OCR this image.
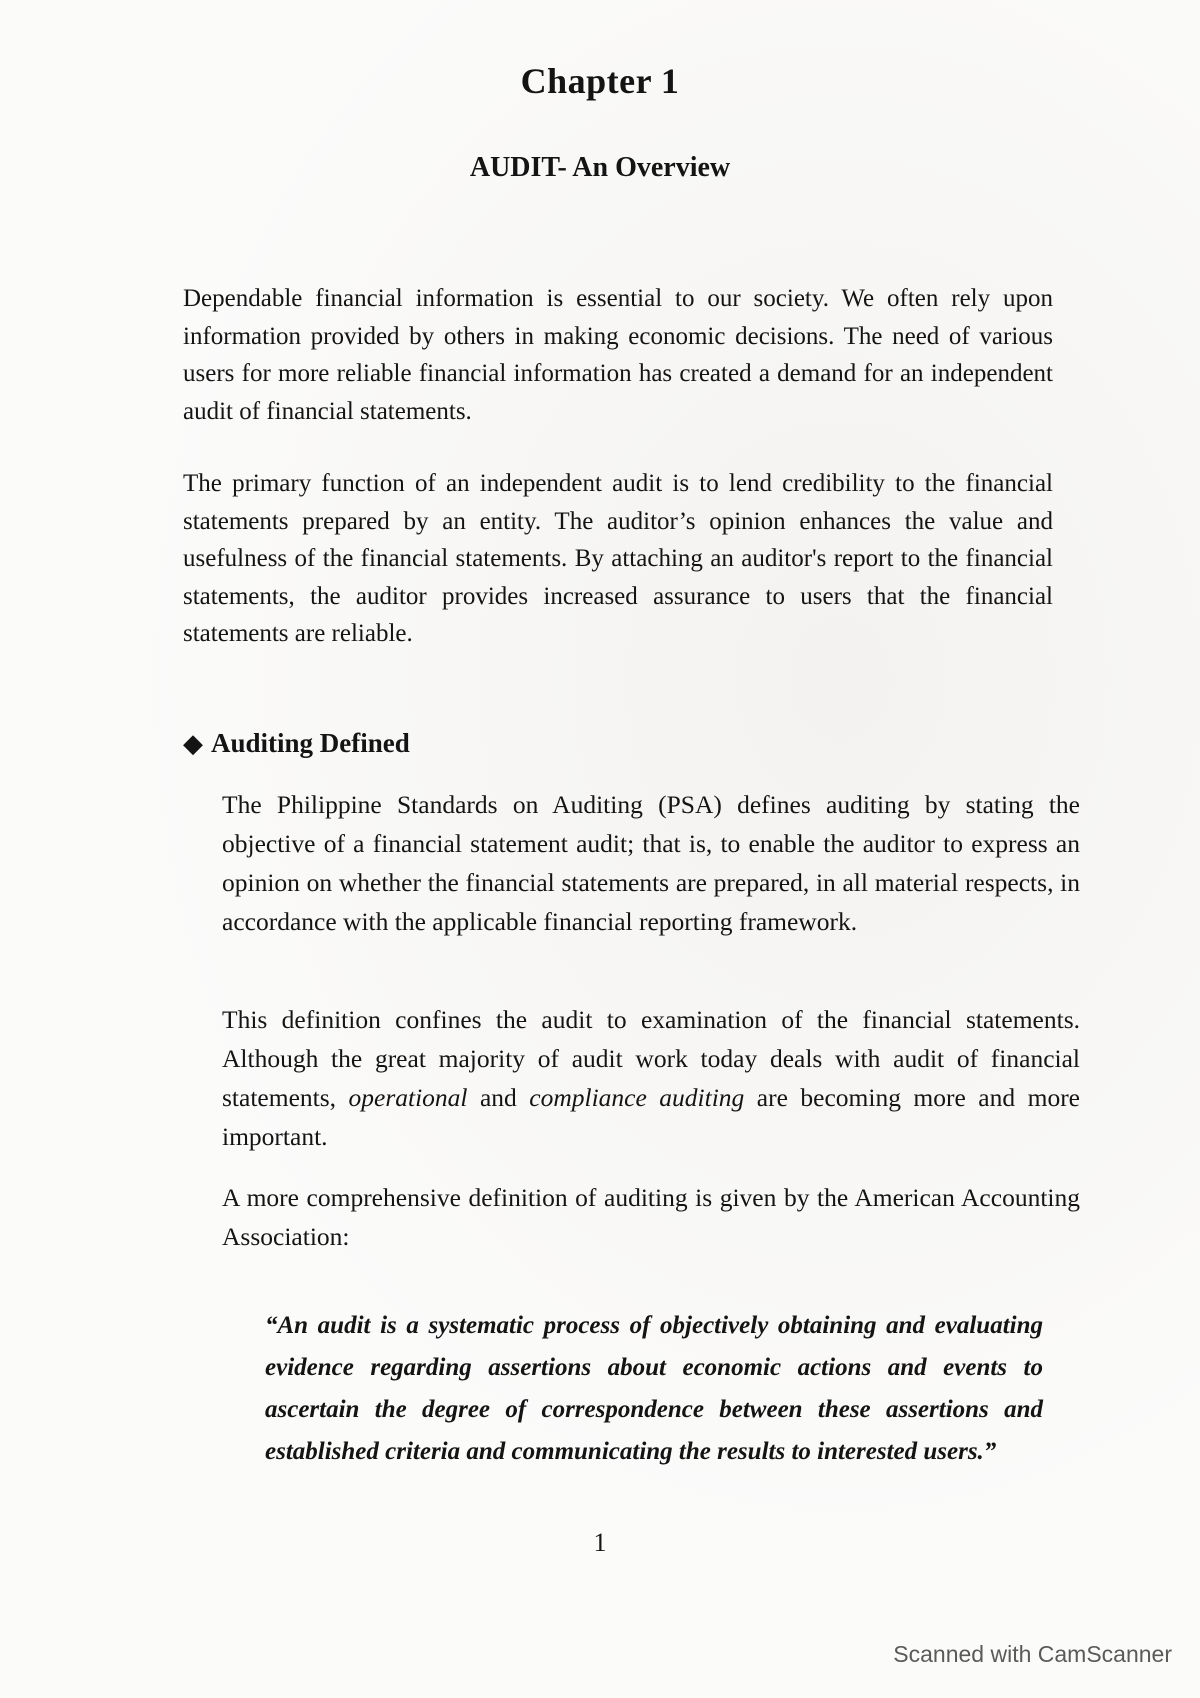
Chapter 1
AUDIT- An Overview

Dependable financial information is essential to our society. We often rely upon information provided by others in making economic decisions. The need of various users for more reliable financial information has created a demand for an independent audit of financial statements.

The primary function of an independent audit is to lend credibility to the financial statements prepared by an entity. The auditor’s opinion enhances the value and usefulness of the financial statements. By attaching an auditor's report to the financial statements, the auditor provides increased assurance to users that the financial statements are reliable.

◆ Auditing Defined

The Philippine Standards on Auditing (PSA) defines auditing by stating the objective of a financial statement audit; that is, to enable the auditor to express an opinion on whether the financial statements are prepared, in all material respects, in accordance with the applicable financial reporting framework.

This definition confines the audit to examination of the financial statements. Although the great majority of audit work today deals with audit of financial statements, operational and compliance auditing are becoming more and more important.

A more comprehensive definition of auditing is given by the American Accounting Association:

“An audit is a systematic process of objectively obtaining and evaluating evidence regarding assertions about economic actions and events to ascertain the degree of correspondence between these assertions and established criteria and communicating the results to interested users.”

1
Scanned with CamScanner
